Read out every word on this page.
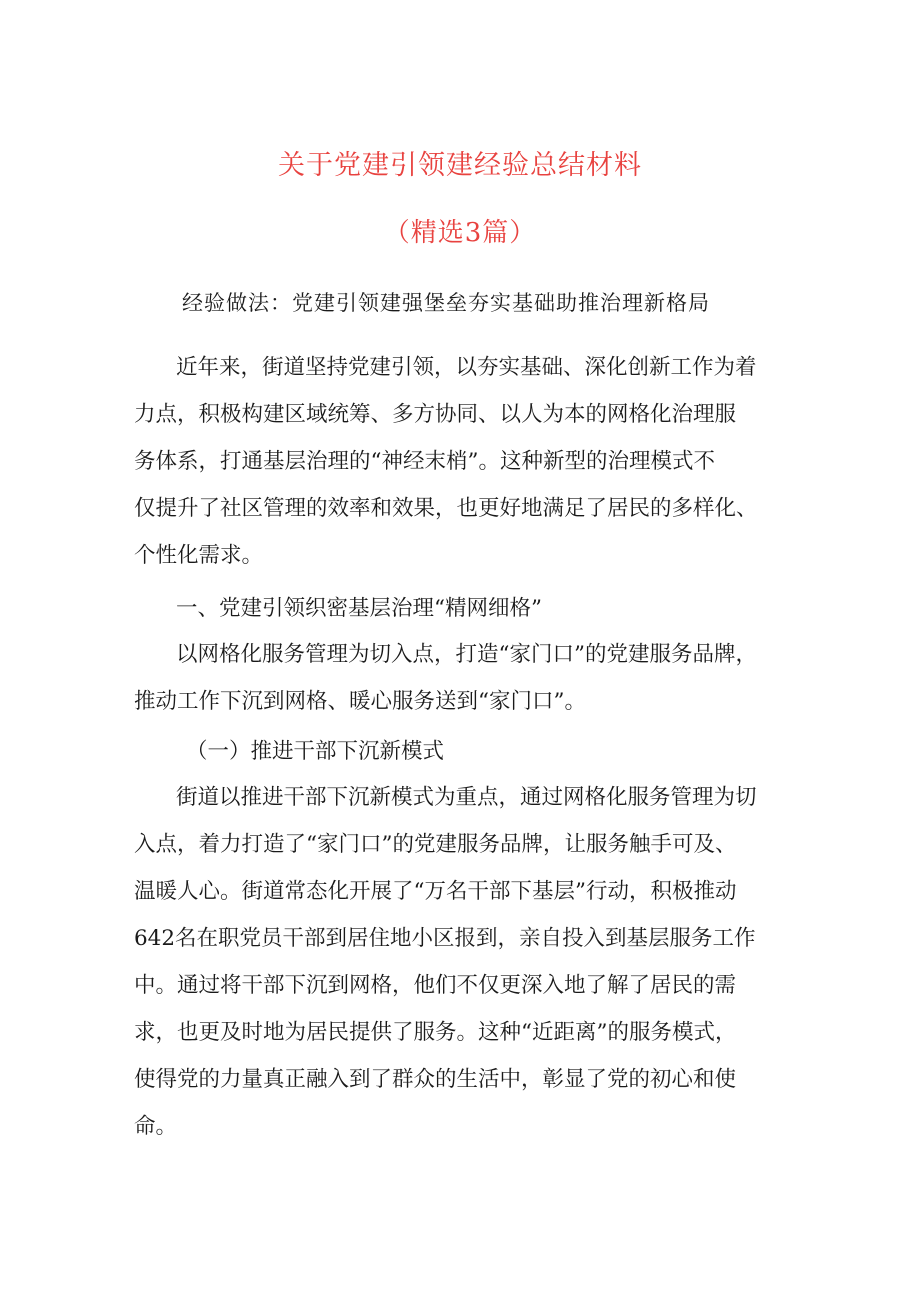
关于党建引领建经验总结材料
（精选3篇）
经验做法：党建引领建强堡垒夯实基础助推治理新格局
近年来，街道坚持党建引领，以夯实基础、深化创新工作为着
力点，积极构建区域统筹、多方协同、以人为本的网格化治理服
务体系，打通基层治理的“神经末梢”。这种新型的治理模式不
仅提升了社区管理的效率和效果，也更好地满足了居民的多样化、
个性化需求。
一、党建引领织密基层治理“精网细格”
以网格化服务管理为切入点，打造“家门口”的党建服务品牌，
推动工作下沉到网格、暖心服务送到“家门口”。
（一）推进干部下沉新模式
街道以推进干部下沉新模式为重点，通过网格化服务管理为切
入点，着力打造了“家门口”的党建服务品牌，让服务触手可及、
温暖人心。街道常态化开展了“万名干部下基层”行动，积极推动
642名在职党员干部到居住地小区报到，亲自投入到基层服务工作
中。通过将干部下沉到网格，他们不仅更深入地了解了居民的需
求，也更及时地为居民提供了服务。这种“近距离”的服务模式，
使得党的力量真正融入到了群众的生活中，彰显了党的初心和使
命。
